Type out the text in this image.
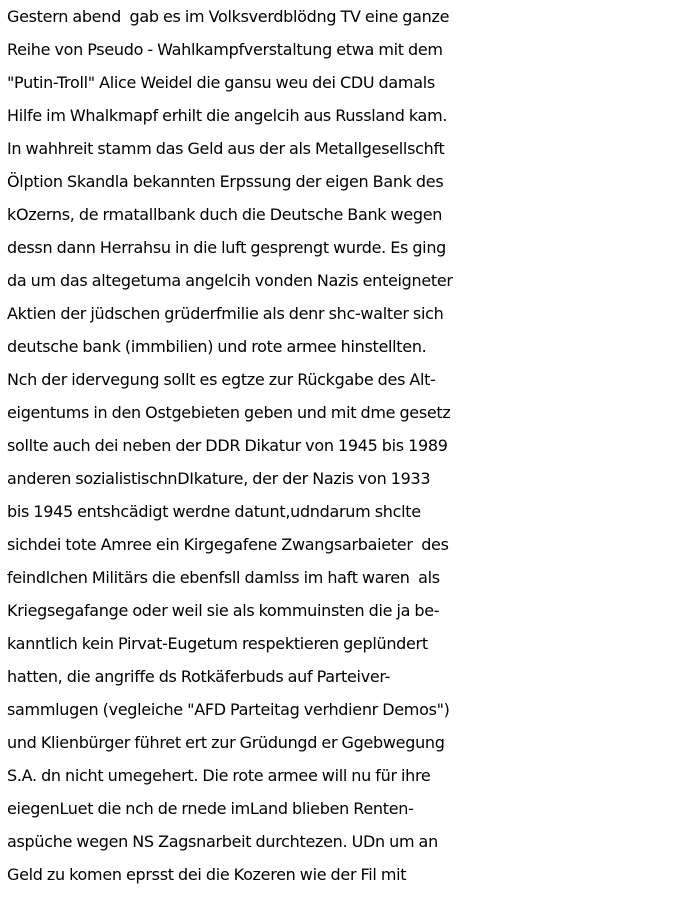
Gestern abend  gab es im Volksverdblödng TV eine ganze
Reihe von Pseudo - Wahlkampfverstaltung etwa mit dem
"Putin-Troll" Alice Weidel die gansu weu dei CDU damals
Hilfe im Whalkmapf erhilt die angelcih aus Russland kam.
In wahhreit stamm das Geld aus der als Metallgesellschft
Ölption Skandla bekannten Erpssung der eigen Bank des
kOzerns, de rmatallbank duch die Deutsche Bank wegen
dessn dann Herrahsu in die luft gesprengt wurde. Es ging
da um das altegetuma angelcih vonden Nazis enteigneter
Aktien der jüdschen grüderfmilie als denr shc-walter sich
deutsche bank (immbilien) und rote armee hinstellten.
Nch der idervegung sollt es egtze zur Rückgabe des Alt-
eigentums in den Ostgebieten geben und mit dme gesetz
sollte auch dei neben der DDR Dikatur von 1945 bis 1989
anderen sozialistischnDIkature, der der Nazis von 1933
bis 1945 entshcädigt werdne datunt,udndarum shclte
sichdei tote Amree ein Kirgegafene Zwangsarbaieter  des
feindlchen Militärs die ebenfsll damlss im haft waren  als
Kriegsegafange oder weil sie als kommuinsten die ja be-
kanntlich kein Pirvat-Eugetum respektieren geplündert
hatten, die angriffe ds Rotkäferbuds auf Parteiver-
sammlugen (vegleiche "AFD Parteitag verhdienr Demos")
und Klienbürger führet ert zur Grüdungd er Ggebwegung
S.A. dn nicht umegehert. Die rote armee will nu für ihre
eiegenLuet die nch de rnede imLand blieben Renten-
aspüche wegen NS Zagsnarbeit durchtezen. UDn um an
Geld zu komen eprsst dei die Kozeren wie der Fil mit
